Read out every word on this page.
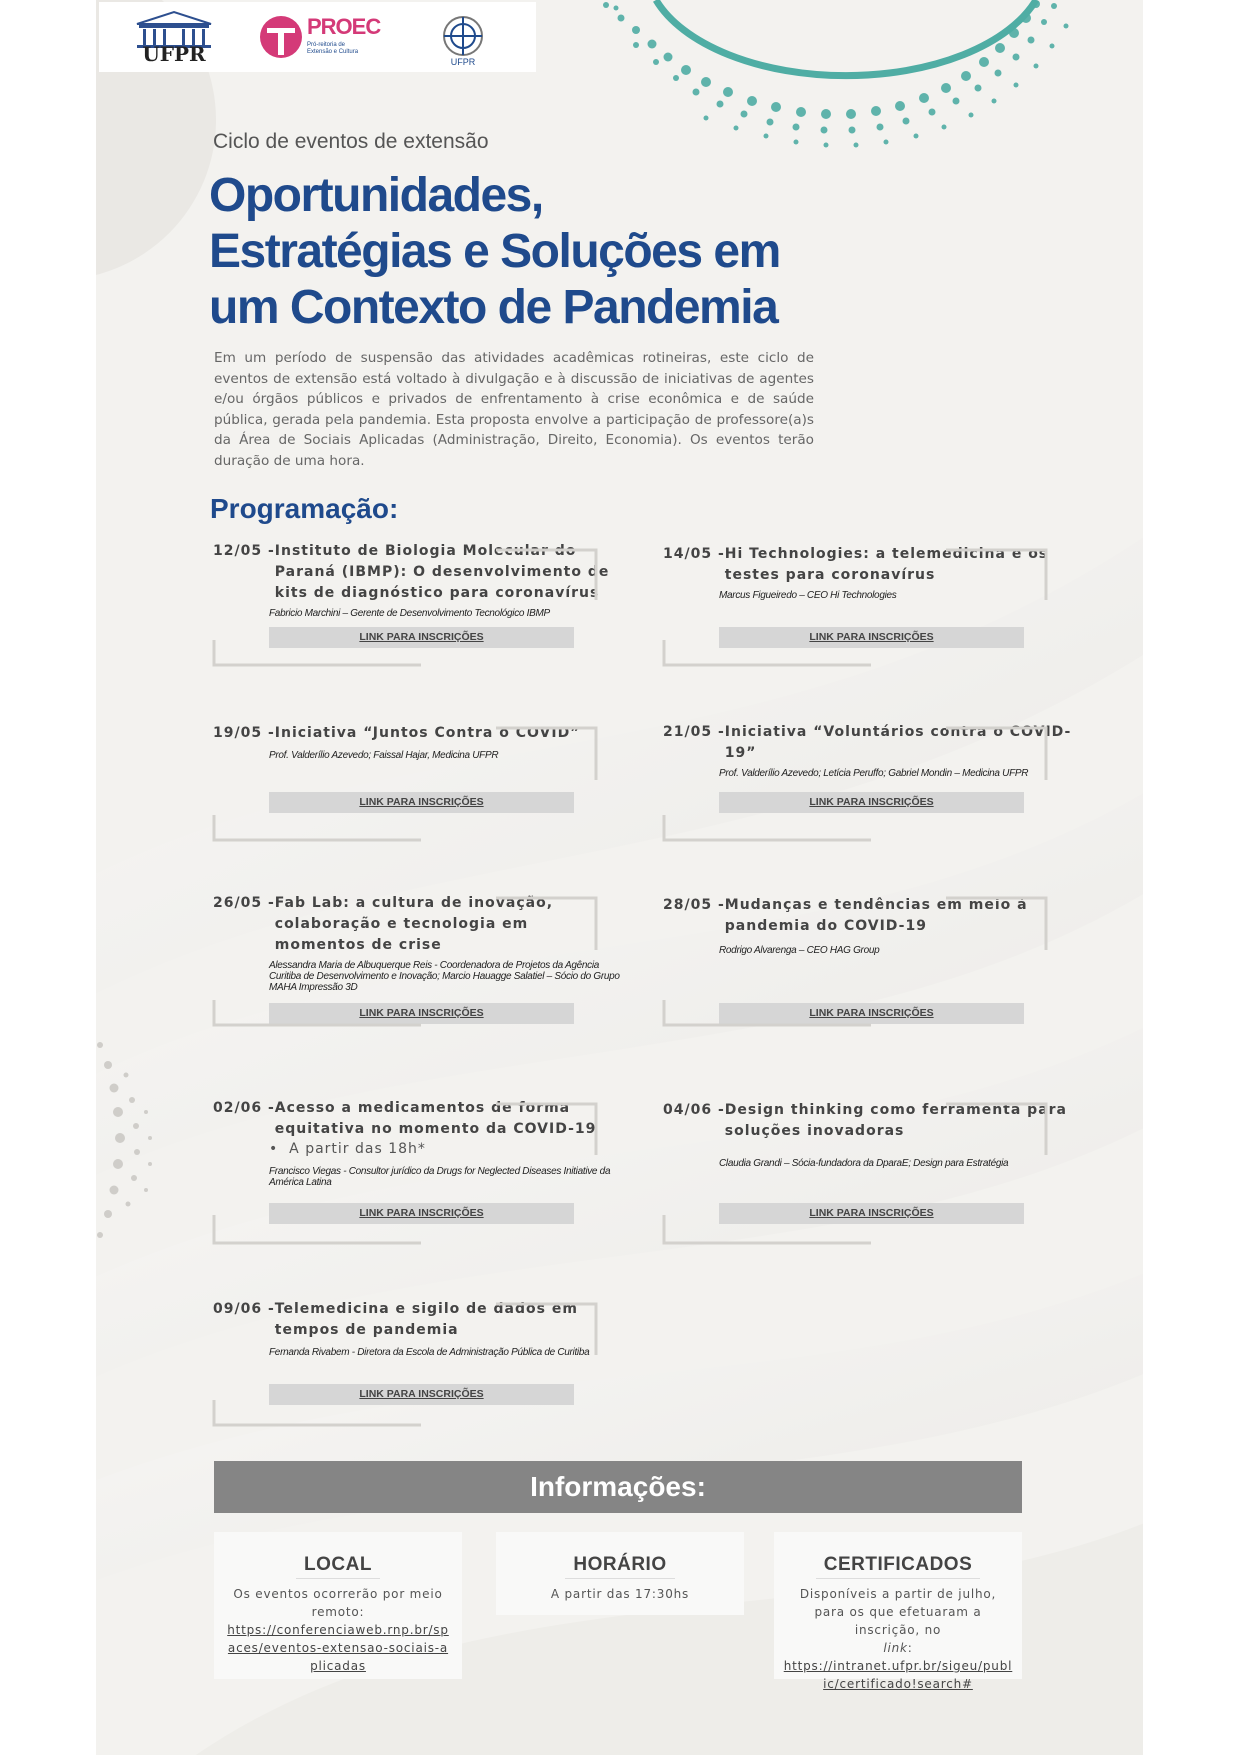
UFPR
PROEC
Pró-reitoria de Extensão e Cultura
UFPR
Ciclo de eventos de extensão
Oportunidades,
Estratégias e Soluções em
um Contexto de Pandemia
Em um período de suspensão das atividades acadêmicas rotineiras, este ciclo de eventos de extensão está voltado à divulgação e à discussão de iniciativas de agentes e/ou órgãos públicos e privados de enfrentamento à crise econômica e de saúde pública, gerada pela pandemia. Esta proposta envolve a participação de professore(a)s da Área de Sociais Aplicadas (Administração, Direito, Economia). Os eventos terão duração de uma hora.
Programação:
12/05 - Instituto de Biologia Molecular do Paraná (IBMP): O desenvolvimento de kits de diagnóstico para coronavírus
Fabricio Marchini – Gerente de Desenvolvimento Tecnológico IBMP
LINK PARA INSCRIÇÕES
14/05 - Hi Technologies: a telemedicina e os testes para coronavírus
Marcus Figueiredo – CEO Hi Technologies
LINK PARA INSCRIÇÕES
19/05 - Iniciativa “Juntos Contra o COVID”
Prof. Valderílio Azevedo; Faissal Hajar, Medicina UFPR
LINK PARA INSCRIÇÕES
21/05 - Iniciativa “Voluntários contra o COVID-19”
Prof. Valderílio Azevedo; Letícia Peruffo; Gabriel Mondin – Medicina UFPR
LINK PARA INSCRIÇÕES
26/05 - Fab Lab: a cultura de inovação, colaboração e tecnologia em momentos de crise
Alessandra Maria de Albuquerque Reis - Coordenadora de Projetos da Agência Curitiba de Desenvolvimento e Inovação; Marcio Hauagge Salatiel – Sócio do Grupo MAHA Impressão 3D
LINK PARA INSCRIÇÕES
28/05 - Mudanças e tendências em meio à pandemia do COVID-19
Rodrigo Alvarenga – CEO HAG Group
LINK PARA INSCRIÇÕES
02/06 - Acesso a medicamentos de forma equitativa no momento da COVID-19
•  A partir das 18h*
Francisco Viegas - Consultor jurídico da Drugs for Neglected Diseases Initiative da América Latina
LINK PARA INSCRIÇÕES
04/06 - Design thinking como ferramenta para soluções inovadoras
Claudia Grandi – Sócia-fundadora da DparaE; Design para Estratégia
LINK PARA INSCRIÇÕES
09/06 - Telemedicina e sigilo de dados em tempos de pandemia
Fernanda Rivabem - Diretora da Escola de Administração Pública de Curitiba
LINK PARA INSCRIÇÕES
Informações:
LOCAL

Os eventos ocorrerão por meio remoto:

https://conferenciaweb.rnp.br/spaces/eventos-extensao-sociais-aplicadas

HORÁRIO

A partir das 17:30hs

CERTIFICADOS

Disponíveis a partir de julho, para os que efetuaram a inscrição, no
link:

https://intranet.ufpr.br/sigeu/public/certificado!search#
